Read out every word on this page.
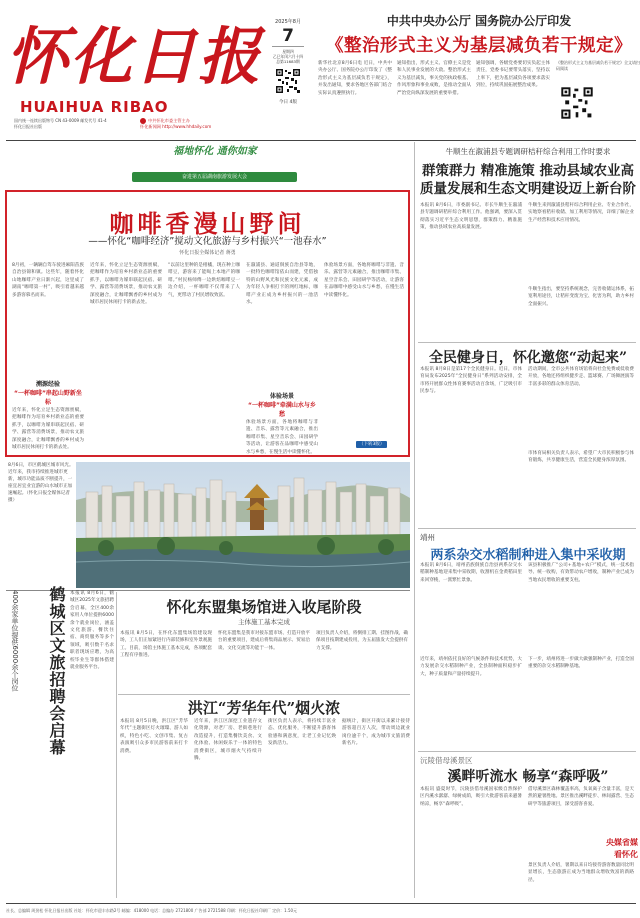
怀化日报
HUAIHUA RIBAO
国内统一连续出版物号 CN 43-0009 邮发代号 41-4
怀化日报社出版
中共怀化市委主管主办
怀化新闻网 http://www.hhdaily.com
2025年8月
7
星期四
乙巳年闰六月十四
总第11683期
今日 4版
中共中央办公厅 国务院办公厅印发
《整治形式主义为基层减负若干规定》
新华社北京8月6日电 近日，中共中央办公厅、国务院办公厅印发了《整治形式主义为基层减负若干规定》，并发出通知，要求各地区各部门结合实际认真遵照执行。
通知指出，形式主义、官僚主义是党和人民事业发展的大敌。整治形式主义为基层减负，事关党的执政根基、作风形象和事业成败，是推动全面从严治党向纵深发展的重要举措。
通知强调，各级党委要切实负起主体责任，党委书记要带头落实，坚持以上率下，把为基层减负各项要求落实到位，持续巩固拓展整治成果。
《整治形式主义为基层减负若干规定》全文请扫码阅读
福地怀化 通你如家
奋进第五届湖南旅游发展大会
咖啡香漫山野间
——怀化“咖啡经济”搅动文化旅游与乡村振兴“一池春水”
怀化日报全媒体记者 蒋勇
8月初，一辆辆自驾车驶进麻阳苗族自治县锦和镇。这些年，随着怀化山地咖啡产业日渐兴起，这里成了湖南“咖啡第一村”，吸引着越来越多游客慕名而来。
溯源经验
“一杯咖啡”串起山野新坐标
近年来，怀化立足生态资源禀赋，把咖啡作为培育乡村新业态的重要抓手，以咖啡为媒串联起民宿、研学、露营等消费场景，推动农文旅深度融合，让咖啡飘香的乡村成为城市居民休闲打卡的新去处。
近年来，怀化立足生态资源禀赋，把咖啡作为培育乡村新业态的重要抓手，以咖啡为媒串联起民宿、研学、露营等消费场景，推动农文旅深度融合，让咖啡飘香的乡村成为城市居民休闲打卡的新去处。
“以前这里种的是柑橘，现在种上咖啡豆，游客来了能喝上本地产的咖啡。”村民杨师傅一边烘焙咖啡豆一边介绍，一杯咖啡不仅带来了人气，更带动了村民增收致富。
在溆浦县、通道侗族自治县等地，一批特色咖啡馆依山而建，凭借独特的山野风光和民族文化元素，成为年轻人争相打卡的网红地标，咖啡产业正成为乡村振兴的一池活水。
体验场景
“一杯咖啡”牵满山水与乡愁
体验场景方面，各地将咖啡与非遗、音乐、露营等元素融合，推出咖啡市集、星空音乐会、田园研学等活动，让游客在品咖啡中感受山水与乡愁，在慢生活中读懂怀化。
体验场景方面，各地将咖啡与非遗、音乐、露营等元素融合，推出咖啡市集、星空音乐会、田园研学等活动，让游客在品咖啡中感受山水与乡愁，在慢生活中读懂怀化。
（下转3版）
8月6日，市区鹤城区城市风光。近年来，我市持续推进城市更新，城市功能品质不断提升，一座宜居宜业宜游的山水城市正加速崛起。（怀化日报全媒体记者 摄）
400余家单位提供6000余个岗位	鹤城区文旅招聘会启幕 本报讯 8月6日，鹤城区2025年文旅招聘会启幕，全区400余家用人单位提供6000余个就业岗位，涵盖文化旅游、餐饮住宿、商贸服务等多个领域，吸引数千名求职者现场应聘，为高校毕业生等群体搭建就业服务平台。
怀化东盟集场馆进入收尾阶段
主体施工基本完成
本报讯 8月5日，在怀化东盟集场馆建设现场，工人们正加紧进行内部装修和室外景观施工。目前，场馆主体施工基本完成，各项配套工程有序推进。
怀化东盟集是我市对接东盟市场、打造开放平台的重要项目，建成后将集商品展示、贸易洽谈、文化交流等功能于一体。
项目负责人介绍，将倒排工期、挂图作战，确保项目按期建成投用，为五届旅发大会提供有力支撑。
洪江“芳华年代”烟火浓
本报讯 8月5日晚，洪江区“芳华年代”主题街区灯火璀璨、游人如织，特色小吃、文创市集、复古表演吸引众多市民游客前来打卡消费。
近年来，洪江区深挖工业遗存文化资源，对老厂房、老街巷进行改造提升，打造集餐饮美食、文化体验、休闲娱乐于一体的特色消费街区，城市烟火气持续升腾。
街区负责人表示，将持续丰富业态、优化服务，不断提升游客体验感和满意度，让老工业记忆焕发新活力。
据统计，街区开街以来累计接待游客超百万人次，带动周边就业岗位逾千个，成为城市文旅消费新名片。
牛顺生在溆浦县专题调研桔秆综合利用工作时要求
群策群力 精准施策 推动县域农业高质量发展和生态文明建设迈上新台阶
本报讯 8月6日，市委副书记、市长牛顺生在溆浦县专题调研秸秆综合利用工作。他强调，要深入贯彻落实习近平生态文明思想，群策群力、精准施策，推动县域农业高质量发展。
牛顺生来到溆浦县秸秆综合利用企业、专业合作社，实地察看秸秆收储、加工利用等情况，详细了解企业生产经营和技术应用情况。
牛顺生指出，要坚持系统观念，完善收储运体系，拓宽利用途径，让秸秆变废为宝、化害为利，助力乡村全面振兴。
全民健身日，怀化邀您“动起来”
本报讯 8月8日是第17个全民健身日。近日，市体育局发布2025年“全民健身日”系列活动安排，全市将开展群众性体育赛事活动百余场，广泛吸引市民参与。
活动期间，全市公共体育场馆将向社会免费或低收费开放，各地还将组织健步走、篮球赛、广场舞展演等丰富多彩的群众体育活动。
市体育局相关负责人表示，希望广大市民积极参与体育锻炼，共享健康生活，营造全民健身浓厚氛围。
靖州
两系杂交水稻制种进入集中采收期
本报讯 8月6日，靖州苗族侗族自治县两系杂交水稻制种基地迎来集中采收期，收割机在金黄稻田里来回穿梭，一派繁忙景象。
近年来，靖州依托良好的气候条件和技术优势，大力发展杂交水稻制种产业，全县制种面积稳步扩大，种子质量和产量持续提升。
该县积极推广“公司+基地+农户”模式，统一技术指导、统一收购，有效带动农户增收，制种产业已成为当地农民增收的重要支柱。
下一步，靖州将进一步做大做强制种产业，打造全国重要的杂交水稻制种基地。
沅陵借母溪景区
溪畔听流水 畅享“森呼吸”
本报讯 盛夏时节，沅陵县借母溪国家级自然保护区内溪水潺潺、绿树成荫，吸引大批游客前来避暑纳凉，畅享“森呼吸”。
借母溪景区森林覆盖率高，负氧离子含量丰富，是天然的避暑胜地。景区推出溪畔徒步、林间露营、生态研学等旅游项目，深受游客喜爱。
景区负责人介绍，暑期以来日均接待游客数量同比明显增长，生态旅游正成为当地群众增收致富的新路径。
央媒省媒
看怀化
社长、总编辑 周劲松 怀化日报社出版 社址：怀化市迎丰东路2号 邮编：418000 电话：总编办 2721800 广告部 2721588 印刷：怀化日报社印刷厂 定价：1.50元
